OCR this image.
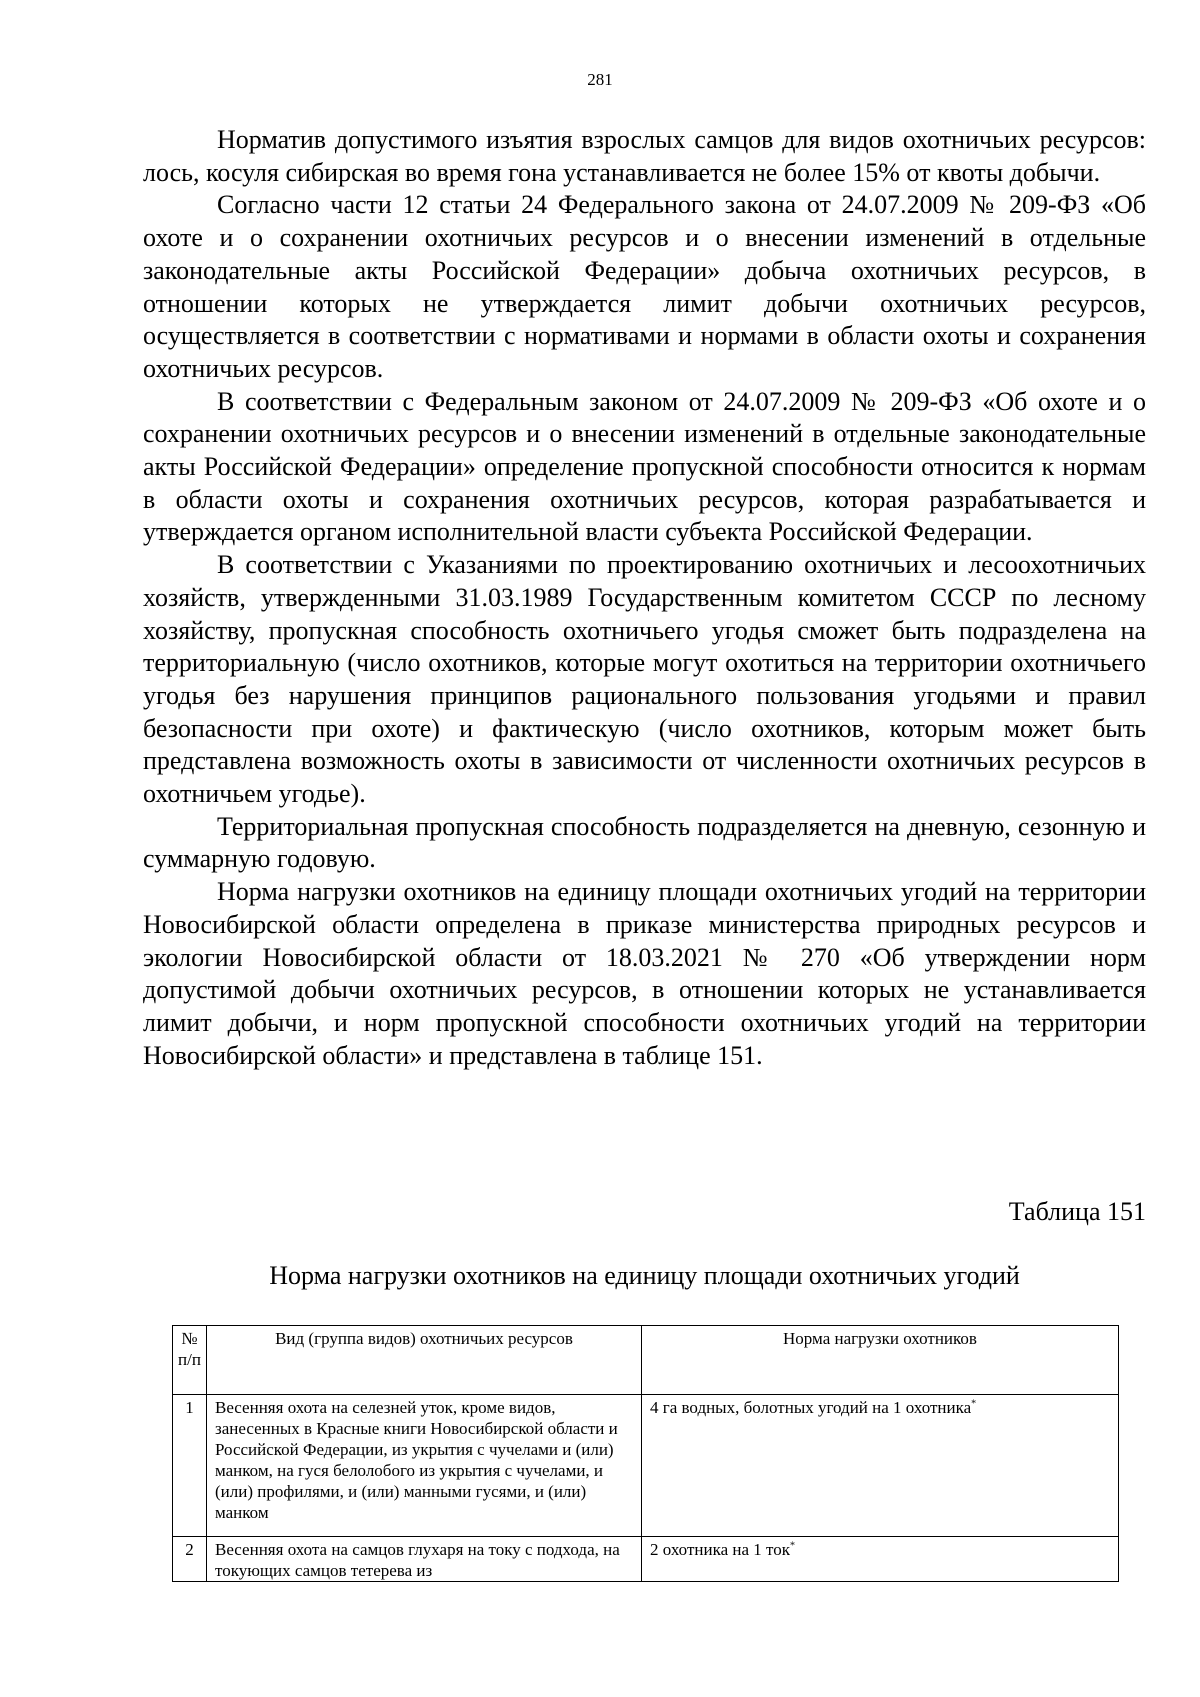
281

Норматив допустимого изъятия взрослых самцов для видов охотничьих ресурсов: лось, косуля сибирская во время гона устанавливается не более 15% от квоты добычи.

Согласно части 12 статьи 24 Федерального закона от 24.07.2009 № 209-ФЗ «Об охоте и о сохранении охотничьих ресурсов и о внесении изменений в отдельные законодательные акты Российской Федерации» добыча охотничьих ресурсов, в отношении которых не утверждается лимит добычи охотничьих ресурсов, осуществляется в соответствии с нормативами и нормами в области охоты и сохранения охотничьих ресурсов.

В соответствии с Федеральным законом от 24.07.2009 № 209-ФЗ «Об охоте и о сохранении охотничьих ресурсов и о внесении изменений в отдельные законодательные акты Российской Федерации» определение пропускной способности относится к нормам в области охоты и сохранения охотничьих ресурсов, которая разрабатывается и утверждается органом исполнительной власти субъекта Российской Федерации.

В соответствии с Указаниями по проектированию охотничьих и лесоохотничьих хозяйств, утвержденными 31.03.1989 Государственным комитетом СССР по лесному хозяйству, пропускная способность охотничьего угодья сможет быть подразделена на территориальную (число охотников, которые могут охотиться на территории охотничьего угодья без нарушения принципов рационального пользования угодьями и правил безопасности при охоте) и фактическую (число охотников, которым может быть представлена возможность охоты в зависимости от численности охотничьих ресурсов в охотничьем угодье).

Территориальная пропускная способность подразделяется на дневную, сезонную и суммарную годовую.

Норма нагрузки охотников на единицу площади охотничьих угодий на территории Новосибирской области определена в приказе министерства природных ресурсов и экологии Новосибирской области от 18.03.2021 № 270 «Об утверждении норм допустимой добычи охотничьих ресурсов, в отношении которых не устанавливается лимит добычи, и норм пропускной способности охотничьих угодий на территории Новосибирской области» и представлена в таблице 151.

Таблица 151
Норма нагрузки охотников на единицу площади охотничьих угодий
№ п/п	Вид (группа видов) охотничьих ресурсов	Норма нагрузки охотников
1	Весенняя охота на селезней уток, кроме видов, занесенных в Красные книги Новосибирской области и Российской Федерации, из укрытия с чучелами и (или) манком, на гуся белолобого из укрытия с чучелами, и (или) профилями, и (или) манными гусями, и (или) манком	4 га водных, болотных угодий на 1 охотника*
2	Весенняя охота на самцов глухаря на току с подхода, на токующих самцов тетерева из	2 охотника на 1 ток*
